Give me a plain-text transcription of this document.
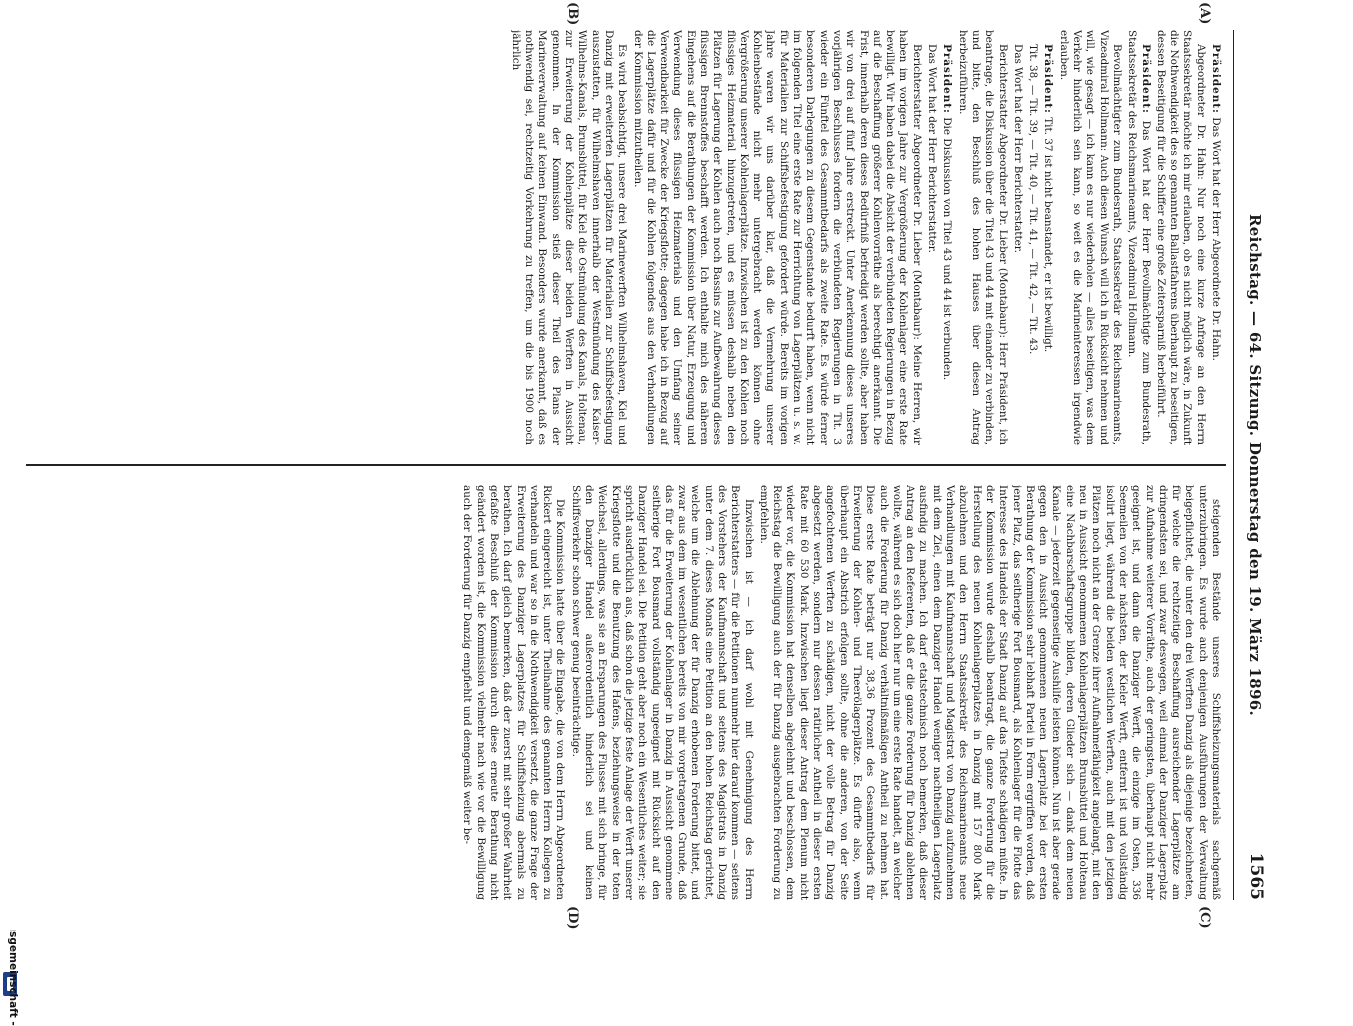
Reichstag. — 64. Sitzung. Donnerstag den 19. März 1896.
1565
(A)
(B)
(C)
(D)

Präsident: Das Wort hat der Herr Abgeordnete Dr. Hahn.

Abgeordneter Dr. Hahn: Nur noch eine kurze Anfrage an den Herrn Staatssekretär möchte ich mir erlauben, ob es nicht möglich wäre, in Zukunft die Nothwendigkeit des so genannten Ballastfahrens überhaupt zu beseitigen, dessen Beseitigung für die Schiffer eine große Zeitersparniß herbeiführt.

Präsident: Das Wort hat der Herr Bevollmächtigte zum Bundesrath, Staatssekretär des Reichsmarineamts, Vizeadmiral Hollmann.

Bevollmächtigter zum Bundesrath, Staatssekretär des Reichsmarineamts, Vizeadmiral Hollmann: Auch diesen Wunsch will ich in Rücksicht nehmen und will, wie gesagt — ich kann es nur wiederholen — alles beseitigen, was dem Verkehr hinderlich sein kann, so weit es die Marineinteressen irgendwie erlauben.

Präsident: Tit. 37 ist nicht beanstandet, er ist bewilligt.

Tit. 38, — Tit. 39, — Tit. 40, — Tit. 41, — Tit. 42, — Tit. 43.

Das Wort hat der Herr Berichterstatter.

Berichterstatter Abgeordneter Dr. Lieber (Montabaur): Herr Präsident, ich beantrage, die Diskussion über die Titel 43 und 44 mit einander zu verbinden, und bitte, den Beschluß des hohen Hauses über diesen Antrag herbeizuführen.

Präsident: Die Diskussion von Titel 43 und 44 ist verbunden.

Das Wort hat der Herr Berichterstatter.

Berichterstatter Abgeordneter Dr. Lieber (Montabaur): Meine Herren, wir haben im vorigen Jahre zur Vergrößerung der Kohlenlager eine erste Rate bewilligt. Wir haben dabei die Absicht der verbündeten Regierungen in Bezug auf die Beschaffung größerer Kohlenvorräthe als berechtigt anerkannt. Die Frist, innerhalb deren dieses Bedürfniß befriedigt werden sollte, aber haben wir von drei auf fünf Jahre erstreckt. Unter Anerkennung dieses unseres vorjährigen Beschlusses fordern die verbündeten Regierungen in Tit. 3 wieder ein Fünftel des Gesammtbedarfs als zweite Rate. Es würde ferner besonderen Darlegungen zu diesem Gegenstande bedurft haben, wenn nicht im folgenden Titel eine erste Rate zur Herrichtung von Lagerplätzen u. s. w. für Materialien zur Schiffsbefestigung gefordert würde. Bereits im vorigen Jahre waren wir uns darüber klar, daß die Vermehrung unserer Kohlenbestände nicht mehr untergebracht werden können ohne Vergrößerung unserer Kohlenlagerplätze. Inzwischen ist zu den Kohlen noch flüssiges Heizmaterial hinzugetreten, und es müssen deshalb neben den Plätzen für Lagerung der Kohlen auch noch Bassins zur Aufbewahrung dieses flüssigen Brennstoffes beschafft werden. Ich enthalte mich des näheren Eingehens auf die Berathungen der Kommission über Natur, Erzeugung und Verwendung dieses flüssigen Heizmaterials und den Umfang seiner Verwendbarkeit für Zwecke der Kriegsflotte; dagegen habe ich in Bezug auf die Lagerplätze dafür und für die Kohlen folgendes aus den Verhandlungen der Kommission mitzutheilen.

Es wird beabsichtigt, unsere drei Marinewerften Wilhelmshaven, Kiel und Danzig mit erweiterten Lagerplätzen für Materialien zur Schiffsbefestigung auszustatten, für Wilhelmshaven innerhalb der Westmündung des Kaiser-Wilhelms-Kanals, Brunsbüttel, für Kiel die Ostmündung des Kanals, Holtenau, zur Erweiterung der Kohlenplätze dieser beiden Werften in Aussicht genommen. In der Kommission stieß dieser Theil des Plans der Marineverwaltung auf keinen Einwand. Besonders wurde anerkannt, daß es nothwendig sei, rechtzeitig Vorkehrung zu treffen, um die bis 1900 noch jährlich

steigenden Bestände unseres Schiffsheizungsmaterials sachgemäß unterzubringen. Es wurde auch denjenigen Ausführungen der Verwaltung beigepflichtet, die unter den drei Werften Danzig als diejenige bezeichneten, für welche die rechtzeitige Beschaffung ausreichender Lagerplätze am dringendsten sei, und zwar deswegen, weil einmal der Danziger Lagerplatz zur Aufnahme weiterer Vorräthe, auch der geringsten, überhaupt nicht mehr geeignet ist, und dann die Danziger Werft, die einzige im Osten, 336 Seemeilen von der nächsten, der Kieler Werft, entfernt ist und vollständig isolirt liegt, während die beiden westlichen Werften, auch mit den jetzigen Plätzen noch nicht an der Grenze ihrer Aufnahmefähigkeit angelangt, mit den neu in Aussicht genommenen Kohlenlagerplätzen Brunsbüttel und Holtenau eine Nachbarschaftsgruppe bilden, deren Glieder sich — dank dem neuen Kanale — jederzeit gegenseitige Aushilfe leisten können. Nun ist aber gerade gegen den in Aussicht genommenen neuen Lagerplatz bei der ersten Berathung der Kommission sehr lebhaft Partei in Form ergriffen worden, daß jener Platz, das seitherige Fort Bousmard, als Kohlenlager für die Flotte das Interesse des Handels der Stadt Danzig auf das Tiefste schädigen müßte. In der Kommission wurde deshalb beantragt, die ganze Forderung für die Herstellung des neuen Kohlenlagerplatzes in Danzig mit 157 800 Mark abzulehnen und den Herrn Staatssekretär des Reichsmarineamts neue Verhandlungen mit Kaufmannschaft und Magistrat von Danzig aufzunehmen mit dem Ziel, einen dem Danziger Handel weniger nachtheiligen Lagerplatz ausfindig zu machen. Ich darf etatstechnisch noch bemerken, daß dieser Antrag an den Referenten, daß er die ganze Forderung für Danzig ablehnen wollte, während es sich doch hier nur um eine erste Rate handelt, an welcher auch die Forderung für Danzig verhältnißmäßigen Antheil zu nehmen hat. Diese erste Rate beträgt nur 38,36 Prozent des Gesammtbedarfs für Erweiterung der Kohlen- und Theerölagerplätze. Es dürfte also, wenn überhaupt ein Abstrich erfolgen sollte, ohne die anderen, von der Seite angefochtenen Werften zu schädigen, nicht der volle Betrag für Danzig abgesetzt werden, sondern nur dessen ratirlicher Antheil in dieser ersten Rate mit 60 530 Mark. Inzwischen liegt dieser Antrag dem Plenum nicht wieder vor, die Kommission hat denselben abgelehnt und beschlossen, dem Reichstag die Bewilligung auch der für Danzig ausgebrachten Forderung zu empfehlen.

Inzwischen ist — ich darf wohl mit Genehmigung des Herrn Berichterstatters — für die Petitionen nunmehr hier darauf kommen — seitens des Vorstehers der Kaufmannschaft und seitens des Magistrats in Danzig unter dem 7. dieses Monats eine Petition an den hohen Reichstag gerichtet, welche um die Ablehnung der für Danzig erhobenen Forderung bittet, und zwar aus dem im wesentlichen bereits von mir vorgetragenen Grunde, daß das für die Erweiterung der Kohlenlager in Danzig in Aussicht genommene seitherige Fort Bousmard vollständig ungeeignet mit Rücksicht auf den Danziger Handel sei. Die Petition geht aber noch ein Wesentliches weiter; sie spricht ausdrücklich aus, daß schon die jetzige feste Anlage der Werft unserer Kriegsflotte und die Benutzung des Hafens, beziehungsweise in der toten Weichsel, allerdings, was sie an Ersparungen des Flusses mit sich bringe, für den Danziger Handel außerordentlich hinderlich sei und keinen Schiffsverkehr schon schwer genug beeinträchtige.

Die Kommission hatte über die Eingabe, die von dem Herrn Abgeordneten Rickert eingereicht ist, unter Theilnahme des genannten Herrn Kollegen zu verhandeln und war so in die Nothwendigkeit versetzt, die ganze Frage der Erweiterung des Danziger Lagerplatzes für Schiffsheizung abermals zu berathen. Ich darf gleich bemerken, daß der zuerst mit sehr großer Wahrheit gefaßte Beschluß der Kommission durch diese erneute Berathung nicht geändert worden ist, die Kommission vielmehr nach wie vor die Bewilligung auch der Forderung für Danzig empfiehlt und demgemäß weiter be-
